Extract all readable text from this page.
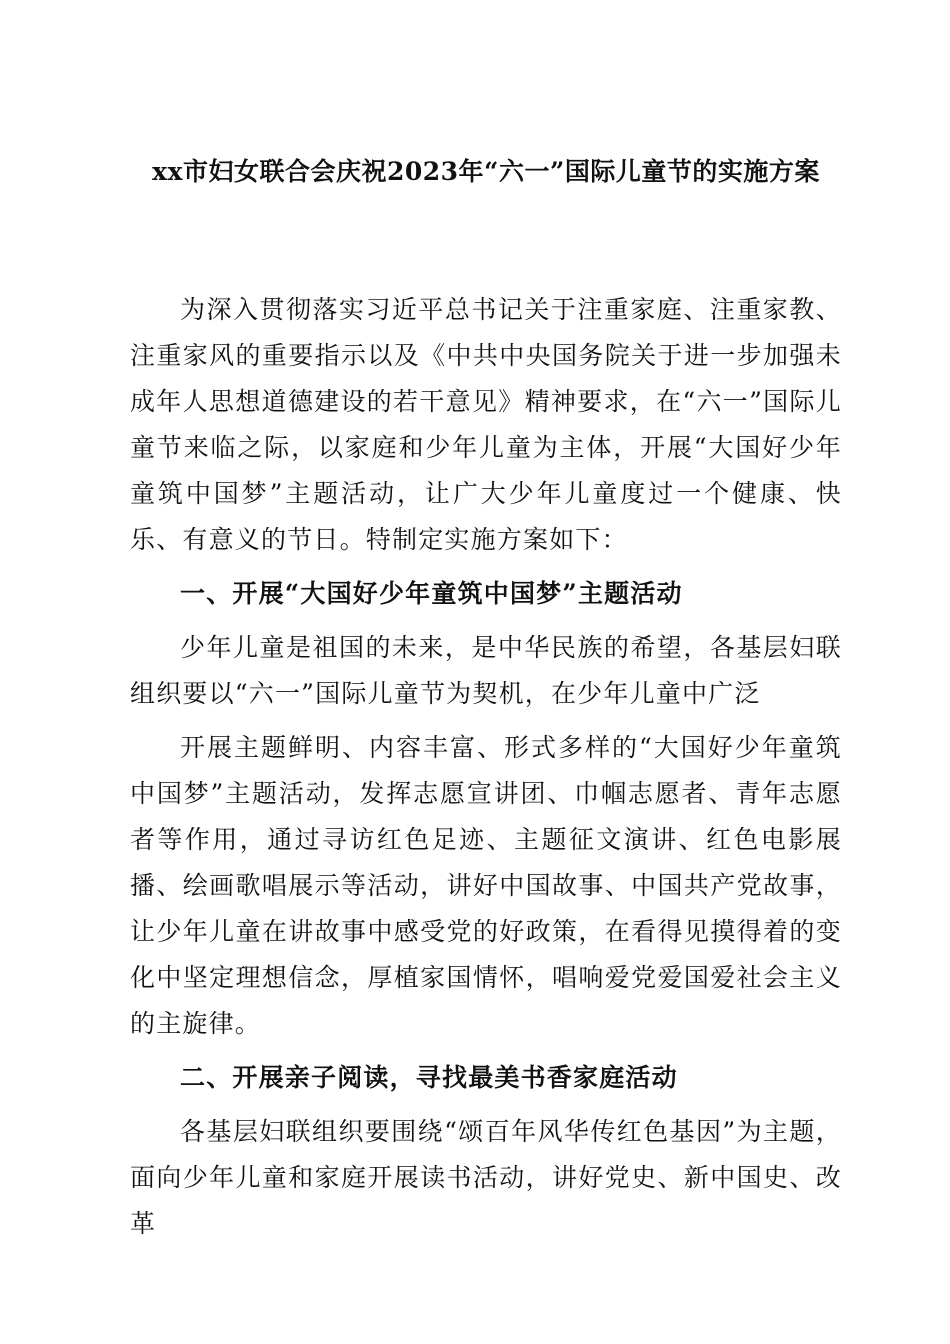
xx市妇女联合会庆祝2023年“六一”国际儿童节的实施方案

为深入贯彻落实习近平总书记关于注重家庭、注重家教、注重家风的重要指示以及《中共中央国务院关于进一步加强未成年人思想道德建设的若干意见》精神要求，在“六一”国际儿童节来临之际，以家庭和少年儿童为主体，开展“大国好少年童筑中国梦”主题活动，让广大少年儿童度过一个健康、快乐、有意义的节日。特制定实施方案如下：

一、开展“大国好少年童筑中国梦”主题活动

少年儿童是祖国的未来，是中华民族的希望，各基层妇联组织要以“六一”国际儿童节为契机，在少年儿童中广泛

开展主题鲜明、内容丰富、形式多样的“大国好少年童筑中国梦”主题活动，发挥志愿宣讲团、巾帼志愿者、青年志愿者等作用，通过寻访红色足迹、主题征文演讲、红色电影展播、绘画歌唱展示等活动，讲好中国故事、中国共产党故事，让少年儿童在讲故事中感受党的好政策，在看得见摸得着的变化中坚定理想信念，厚植家国情怀，唱响爱党爱国爱社会主义的主旋律。

二、开展亲子阅读，寻找最美书香家庭活动

各基层妇联组织要围绕“颂百年风华传红色基因”为主题，面向少年儿童和家庭开展读书活动，讲好党史、新中国史、改革
